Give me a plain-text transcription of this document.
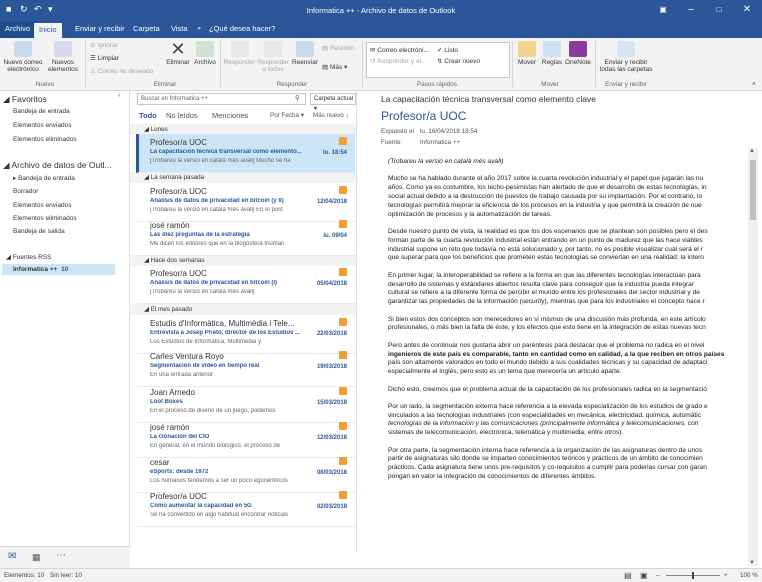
■ ↻ ↶ ▾	Informatica ++ - Archivo de datos de Outlook	▣	–	□	✕
Archivo	Inicio	Enviar y recibir	Carpeta	Vista	⚬ ¿Qué desea hacer?
Nuevo correo electrónico
Nuevos elementos
Nuevo
⊘ Ignorar
☰ Limpiar
⚠ Correo no deseado
✕
Eliminar Archivo
Eliminar
Responder Responder a todos
Reenviar
▤ Reunión
▤ Más ▾
Responder
✉ Correo electróni...
↺ Responder y el...
✔ Listo
↯ Crear nuevo
Pasos rápidos
Mover Reglas OneNote
Mover
Enviar y recibir todas las carpetas
Enviar y recibir	˄
‹
◢ Favoritos
Bandeja de entrada
Elementos enviados
Elementos eliminados
◢ Archivo de datos de Outl...
▸ Bandeja de entrada
Borrador
Elementos enviados
Elementos eliminados
Bandeja de salida
◢ Fuentes RSS
Informatica ++ 10
Buscar en Informatica ++	⚲	Carpeta actual ▾
Todo No leídos Menciones	Por Fecha ▾ Más nuevo ↓
◢ Lunes
◢ La semana pasada
◢ Hace dos semanas
◢ El mes pasado
Profesor/a UOC
La capacitación técnica transversal como elemento...	lu. 18:54
[Trobareu la versió en català més avall] Mucho se ha
Profesor/a UOC
Análisis de datos de privacidad en bitcoin (y II)	12/04/2018
[Trobareu la versió en català més avall] En el post
josé ramón
Las diez preguntas de la estrategia	lu. 09/04
Me dicen los editores que en la blogosfera triunfan
Profesor/a UOC
Análisis de datos de privacidad en bitcoin (I)	05/04/2018
[Trobareu la versió en català més avall]
Estudis d'Informàtica, Multimèdia i Tele...
Entrevista a Josep Prieto, director de los Estudios ...	22/03/2018
Los Estudios de Informática, Multimedia y
Carles Ventura Royo
Segmentación de vídeo en tiempo real	19/03/2018
En una entrada anterior
Joan Arnedo
Loot Boxes	15/03/2018
En el proceso de diseño de un juego, podemos
josé ramón
La clonación del CIO	12/03/2018
En general, en el mundo biológico, el proceso de
cesar
eSports: desde 1972	08/03/2018
Los humanos tendemos a ser un poco egocéntricos
Profesor/a UOC
Cómo aumentar la capacidad en 5G	02/03/2018
Se ha convertido en algo habitual encontrar noticias
La capacitación técnica transversal como elemento clave
Profesor/a UOC
Expuesto el lu. 16/04/2018 18:54
Fuente	Informatica ++

(Trobareu la versió en català més avall)

Mucho se ha hablado durante el año 2017 sobre la cuarta revolución industrial y el papel que jugarán las nu
años. Como ya es costumbre, los techo-pesimistas han alertado de que el desarrollo de estas tecnologías, in
social actual debido a la destrucción de puestos de trabajo causada por su implantación. Por el contrario, lo
tecnologías permitirá mejorar la eficiencia de los procesos en la industria y que permitirá la creación de nue
optimización de procesos y la automatización de tareas.

Desde nuestro punto de vista, la realidad es que los dos escenarios que se plantean son posibles pero el des
forman parte de la cuarta revolución industrial están entrando en un punto de madurez que las hace viables
industrial supone un reto que todavía no está solucionado y, por tanto, no es posible visualizar cuál será el r
que superar para que los beneficios que prometen estas tecnologías se conviertan en una realidad: la intero

En primer lugar, la interoperabilidad se refiere a la forma en que las diferentes tecnologías interactúan para
desarrollo de sistemas y estándares abiertos resulta clave para conseguir que la industria pueda integrar
cultural se refiere a la diferente forma de percibir el mundo entre los profesionales del sector industrial y de
garantizar las propiedades de la información (security), mientras que para los industriales el concepto hace r

Si bien estos dos conceptos son merecedores en sí mismos de una discusión más profunda, en este artículo
profesionales, o más bien la falta de éste, y los efectos que esto tiene en la integración de estas nuevas tecn

Pero antes de continuar nos gustaría abrir un paréntesis para destacar que el problema no radica en el nivel
ingenieros de este país es comparable, tanto en cantidad como en calidad, a la que reciben en otros países
país son altamente valorados en todo el mundo debido a sus cualidades técnicas y su capacidad de adaptaci
especialmente el inglés, pero esto es un tema que merecería un artículo aparte.

Dicho esto, creemos que el problema actual de la capacitación de los profesionales radica en la segmentació

Por un lado, la segmentación externa hace referencia a la elevada especialización de los estudios de grado e
vinculados a las tecnologías industriales (con especialidades en mecánica, electricidad, química, automátic
tecnologías de la información y las comunicaciones (principalmente informática y telecomunicaciones, con
sistemas de telecomunicación, electrónica, telemática y multimedia, entre otros).

Por otra parte, la segmentación interna hace referencia a la organización de las asignaturas dentro de unos
partir de asignaturas silo donde se imparten conocimientos teóricos y prácticos de un ámbito de conocimien
prácticos. Cada asignatura tiene unos pre-requisitos y co-requisitos a cumplir para poderlas cursar con garan
pongan en valor la integración de conocimientos de diferentes ámbitos.

▲
▼
✉ ▦ ⋯
Elementos: 10 Sin leer: 10	▤ ▣ –	+ 100 %
